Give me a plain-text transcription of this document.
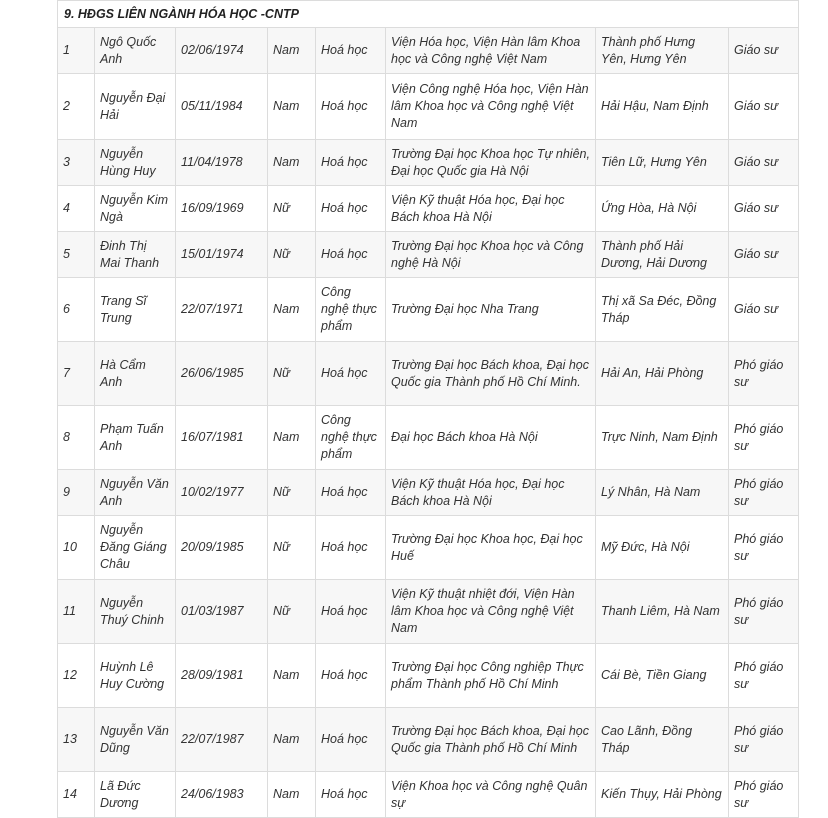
9. HĐGS LIÊN NGÀNH HÓA HỌC -CNTP							
1	Ngô Quốc Anh	02/06/1974	Nam	Hoá học	Viện Hóa học, Viện Hàn lâm Khoa học và Công nghệ Việt Nam	Thành phố Hưng Yên, Hưng Yên	Giáo sư
2	Nguyễn Đại Hải	05/11/1984	Nam	Hoá học	Viện Công nghệ Hóa học, Viện Hàn lâm Khoa học và Công nghệ Việt Nam	Hải Hậu, Nam Định	Giáo sư
3	Nguyễn Hùng Huy	11/04/1978	Nam	Hoá học	Trường Đại học Khoa học Tự nhiên, Đại học Quốc gia Hà Nội	Tiên Lữ, Hưng Yên	Giáo sư
4	Nguyễn Kim Ngà	16/09/1969	Nữ	Hoá học	Viện Kỹ thuật Hóa học, Đại học Bách khoa Hà Nội	Ứng Hòa, Hà Nội	Giáo sư
5	Đinh Thị Mai Thanh	15/01/1974	Nữ	Hoá học	Trường Đại học Khoa học và Công nghệ Hà Nội	Thành phố Hải Dương, Hải Dương	Giáo sư
6	Trang Sĩ Trung	22/07/1971	Nam	Công nghệ thực phẩm	Trường Đại học Nha Trang	Thị xã Sa Đéc, Đồng Tháp	Giáo sư
7	Hà Cẩm Anh	26/06/1985	Nữ	Hoá học	Trường Đại học Bách khoa, Đại học Quốc gia Thành phố Hồ Chí Minh.	Hải An, Hải Phòng	Phó giáo sư
8	Phạm Tuấn Anh	16/07/1981	Nam	Công nghệ thực phẩm	Đại học Bách khoa Hà Nội	Trực Ninh, Nam Định	Phó giáo sư
9	Nguyễn Văn Anh	10/02/1977	Nữ	Hoá học	Viện Kỹ thuật Hóa học, Đại học Bách khoa Hà Nội	Lý Nhân, Hà Nam	Phó giáo sư
10	Nguyễn Đăng Giáng Châu	20/09/1985	Nữ	Hoá học	Trường Đại học Khoa học, Đại học Huế	Mỹ Đức, Hà Nội	Phó giáo sư
11	Nguyễn Thuý Chinh	01/03/1987	Nữ	Hoá học	Viện Kỹ thuật nhiệt đới, Viện Hàn lâm Khoa học và Công nghệ Việt Nam	Thanh Liêm, Hà Nam	Phó giáo sư
12	Huỳnh Lê Huy Cường	28/09/1981	Nam	Hoá học	Trường Đại học Công nghiệp Thực phẩm Thành phố Hồ Chí Minh	Cái Bè, Tiền Giang	Phó giáo sư
13	Nguyễn Văn Dũng	22/07/1987	Nam	Hoá học	Trường Đại học Bách khoa, Đại học Quốc gia Thành phố Hồ Chí Minh	Cao Lãnh, Đồng Tháp	Phó giáo sư
14	Lã Đức Dương	24/06/1983	Nam	Hoá học	Viện Khoa học và Công nghệ Quân sự	Kiến Thụy, Hải Phòng	Phó giáo sư
